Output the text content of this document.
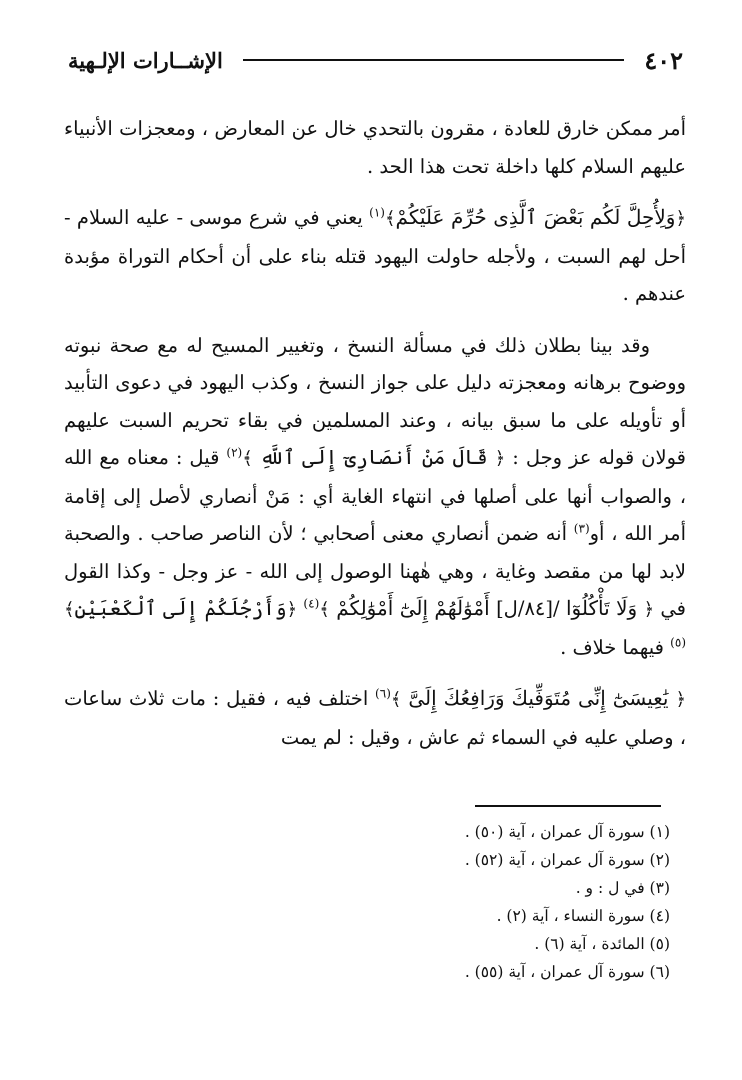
٤٠٢
الإشــارات الإلـهية

أمر ممكن خارق للعادة ، مقرون بالتحدي خال عن المعارض ، ومعجزات الأنبياء عليهم السلام كلها داخلة تحت هذا الحد .

﴿وَلِأُحِلَّ لَكُم بَعْضَ ٱلَّذِى حُرِّمَ عَلَيْكُمْ﴾$^{(١)}$ يعني في شرع موسى - عليه السلام - أحل لهم السبت ، ولأجله حاولت اليهود قتله بناء على أن أحكام التوراة مؤبدة عندهم .

وقد بينا بطلان ذلك في مسألة النسخ ، وتغيير المسيح له مع صحة نبوته ووضوح برهانه ومعجزته دليل على جواز النسخ ، وكذب اليهود في دعوى التأبيد أو تأويله على ما سبق بيانه ، وعند المسلمين في بقاء تحريم السبت عليهم قولان قوله عز وجل : ﴿ قَالَ مَنْ أَنصَارِىٓ إِلَى ٱللَّهِ ﴾$^{(٢)}$ قيل : معناه مع الله ، والصواب أنها على أصلها في انتهاء الغاية أي : مَنْ أنصاري لأصل إلى إقامة أمر الله ، أو$^{(٣)}$ أنه ضمن أنصاري معنى أصحابي ؛ لأن الناصر صاحب . والصحبة لابد لها من مقصد وغاية ، وهي هٰهنا الوصول إلى الله - عز وجل - وكذا القول في ﴿ وَلَا تَأْكُلُوٓا /[٨٤/ل] أَمْوَٰلَهُمْ إِلَىٰٓ أَمْوَٰلِكُمْ ﴾$^{(٤)}$ ﴿وَأَرْجُلَكُمْ إِلَى ٱلْكَعْبَيْنِ﴾$^{(٥)}$ فيهما خلاف .

﴿ يَٰعِيسَىٰٓ إِنِّى مُتَوَفِّيكَ وَرَافِعُكَ إِلَىَّ ﴾$^{(٦)}$ اختلف فيه ، فقيل : مات ثلاث ساعات ، وصلي عليه في السماء ثم عاش ، وقيل : لم يمت

(١) سورة آل عمران ، آية (٥٠) .

(٢) سورة آل عمران ، آية (٥٢) .

(٣) في ل : و .

(٤) سورة النساء ، آية (٢) .

(٥) المائدة ، آية (٦) .

(٦) سورة آل عمران ، آية (٥٥) .
